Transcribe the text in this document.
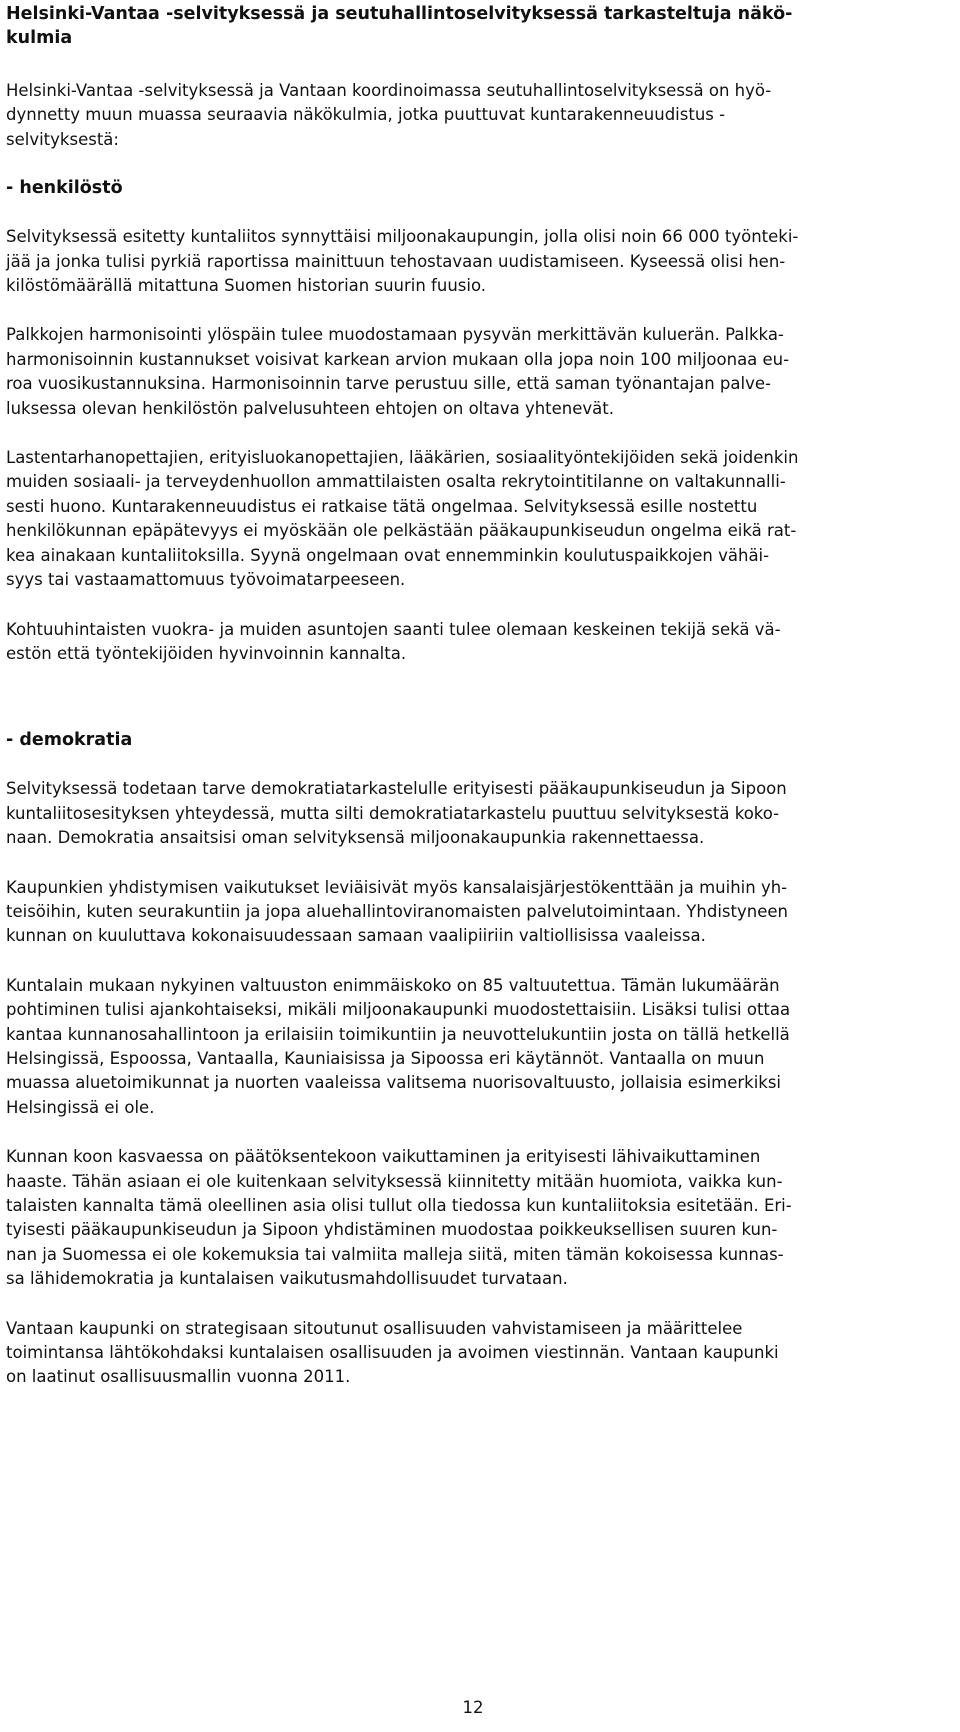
Helsinki-Vantaa -selvityksessä ja seutuhallintoselvityksessä tarkasteltuja näkö-
kulmia

Helsinki-Vantaa -selvityksessä ja Vantaan koordinoimassa seutuhallintoselvityksessä on hyö-
dynnetty muun muassa seuraavia näkökulmia, jotka puuttuvat kuntarakenneuudistus -
selvityksestä:

- henkilöstö

Selvityksessä esitetty kuntaliitos synnyttäisi miljoonakaupungin, jolla olisi noin 66 000 työnteki-
jää ja jonka tulisi pyrkiä raportissa mainittuun tehostavaan uudistamiseen. Kyseessä olisi hen-
kilöstömäärällä mitattuna Suomen historian suurin fuusio.

Palkkojen harmonisointi ylöspäin tulee muodostamaan pysyvän merkittävän kuluerän. Palkka-
harmonisoinnin kustannukset voisivat karkean arvion mukaan olla jopa noin 100 miljoonaa eu-
roa vuosikustannuksina. Harmonisoinnin tarve perustuu sille, että saman työnantajan palve-
luksessa olevan henkilöstön palvelusuhteen ehtojen on oltava yhtenevät.

Lastentarhanopettajien, erityisluokanopettajien, lääkärien, sosiaalityöntekijöiden sekä joidenkin
muiden sosiaali- ja terveydenhuollon ammattilaisten osalta rekrytointitilanne on valtakunnalli-
sesti huono. Kuntarakenneuudistus ei ratkaise tätä ongelmaa. Selvityksessä esille nostettu
henkilökunnan epäpätevyys ei myöskään ole pelkästään pääkaupunkiseudun ongelma eikä rat-
kea ainakaan kuntaliitoksilla. Syynä ongelmaan ovat ennemminkin koulutuspaikkojen vähäi-
syys tai vastaamattomuus työvoimatarpeeseen.

Kohtuuhintaisten vuokra- ja muiden asuntojen saanti tulee olemaan keskeinen tekijä sekä vä-
estön että työntekijöiden hyvinvoinnin kannalta.

- demokratia

Selvityksessä todetaan tarve demokratiatarkastelulle erityisesti pääkaupunkiseudun ja Sipoon
kuntaliitosesityksen yhteydessä, mutta silti demokratiatarkastelu puuttuu selvityksestä koko-
naan. Demokratia ansaitsisi oman selvityksensä miljoonakaupunkia rakennettaessa.

Kaupunkien yhdistymisen vaikutukset leviäisivät myös kansalaisjärjestökenttään ja muihin yh-
teisöihin, kuten seurakuntiin ja jopa aluehallintoviranomaisten palvelutoimintaan. Yhdistyneen
kunnan on kuuluttava kokonaisuudessaan samaan vaalipiiriin valtiollisissa vaaleissa.

Kuntalain mukaan nykyinen valtuuston enimmäiskoko on 85 valtuutettua. Tämän lukumäärän
pohtiminen tulisi ajankohtaiseksi, mikäli miljoonakaupunki muodostettaisiin. Lisäksi tulisi ottaa
kantaa kunnanosahallintoon ja erilaisiin toimikuntiin ja neuvottelukuntiin josta on tällä hetkellä
Helsingissä, Espoossa, Vantaalla, Kauniaisissa ja Sipoossa eri käytännöt. Vantaalla on muun
muassa aluetoimikunnat ja nuorten vaaleissa valitsema nuorisovaltuusto, jollaisia esimerkiksi
Helsingissä ei ole.

Kunnan koon kasvaessa on päätöksentekoon vaikuttaminen ja erityisesti lähivaikuttaminen
haaste. Tähän asiaan ei ole kuitenkaan selvityksessä kiinnitetty mitään huomiota, vaikka kun-
talaisten kannalta tämä oleellinen asia olisi tullut olla tiedossa kun kuntaliitoksia esitetään. Eri-
tyisesti pääkaupunkiseudun ja Sipoon yhdistäminen muodostaa poikkeuksellisen suuren kun-
nan ja Suomessa ei ole kokemuksia tai valmiita malleja siitä, miten tämän kokoisessa kunnas-
sa lähidemokratia ja kuntalaisen vaikutusmahdollisuudet turvataan.

Vantaan kaupunki on strategisaan sitoutunut osallisuuden vahvistamiseen ja määrittelee
toimintansa lähtökohdaksi kuntalaisen osallisuuden ja avoimen viestinnän. Vantaan kaupunki
on laatinut osallisuusmallin vuonna 2011.

12
